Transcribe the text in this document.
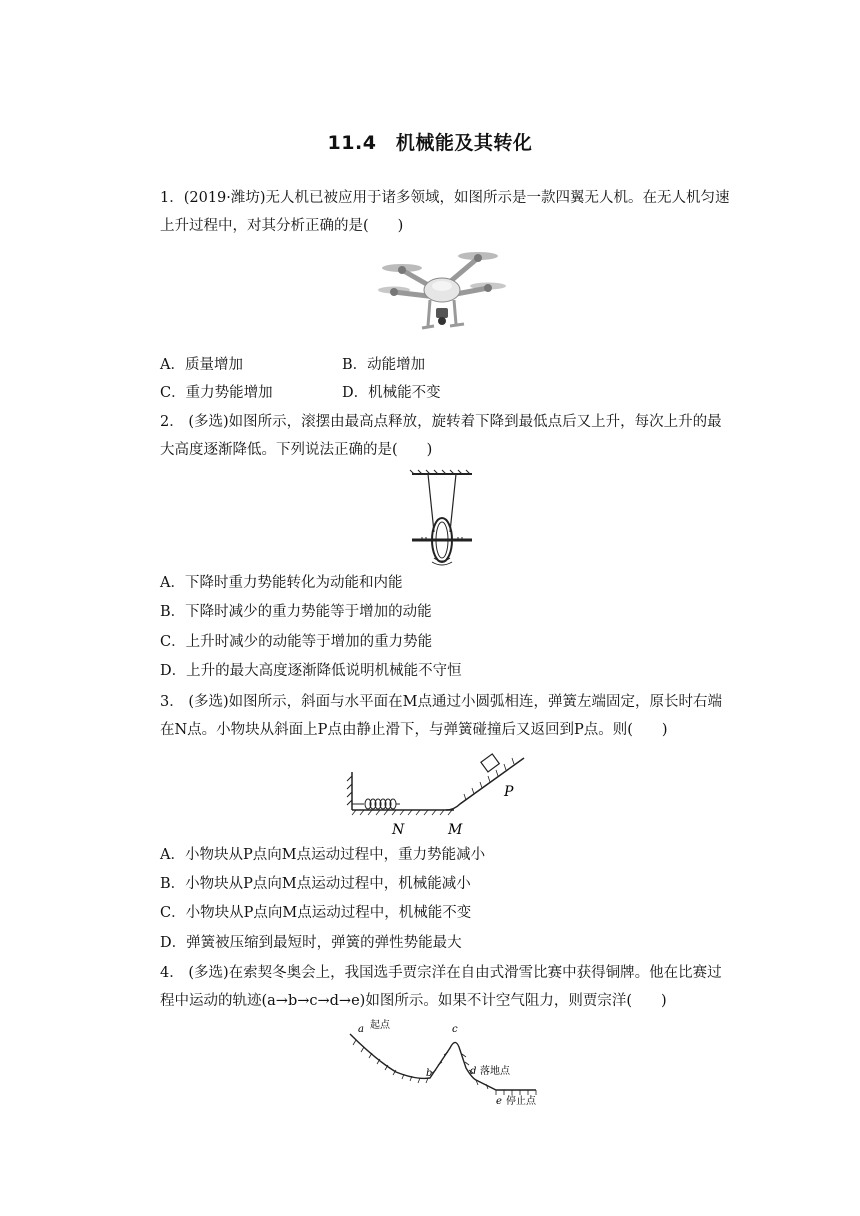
11.4　机械能及其转化
1．(2019·潍坊)无人机已被应用于诸多领域，如图所示是一款四翼无人机。在无人机匀速上升过程中，对其分析正确的是(　　)
A．质量增加	B．动能增加
C．重力势能增加	D．机械能不变
2． (多选)如图所示，滚摆由最高点释放，旋转着下降到最低点后又上升，每次上升的最大高度逐渐降低。下列说法正确的是(　　)
A．下降时重力势能转化为动能和内能
B．下降时减少的重力势能等于增加的动能
C．上升时减少的动能等于增加的重力势能
D．上升的最大高度逐渐降低说明机械能不守恒
3． (多选)如图所示，斜面与水平面在M点通过小圆弧相连，弹簧左端固定，原长时右端在N点。小物块从斜面上P点由静止滑下，与弹簧碰撞后又返回到P点。则(　　)
N	M
P
A．小物块从P点向M点运动过程中，重力势能减小
B．小物块从P点向M点运动过程中，机械能减小
C．小物块从P点向M点运动过程中，机械能不变
D．弹簧被压缩到最短时，弹簧的弹性势能最大
4． (多选)在索契冬奥会上，我国选手贾宗洋在自由式滑雪比赛中获得铜牌。他在比赛过程中运动的轨迹(a→b→c→d→e)如图所示。如果不计空气阻力，则贾宗洋(　　)
a 起点
b
c
d 落地点
e 停止点
